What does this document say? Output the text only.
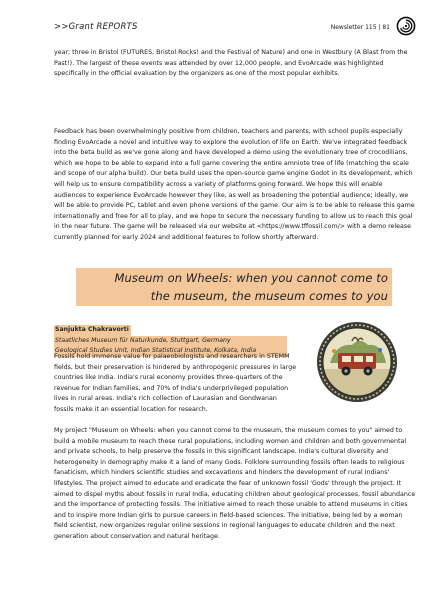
>>Grant REPORTS	Newsletter 115 | 81

year; three in Bristol (FUTURES, Bristol Rocks! and the Festival of Nature) and one in Westbury (A Blast from the Past!). The largest of these events was attended by over 12,000 people, and EvoArcade was highlighted specifically in the official evaluation by the organizers as one of the most popular exhibits.

Feedback has been overwhelmingly positive from children, teachers and parents, with school pupils especially finding EvoArcade a novel and intuitive way to explore the evolution of life on Earth. We've integrated feedback into the beta build as we've gone along and have developed a demo using the evolutionary tree of crocodilians, which we hope to be able to expand into a full game covering the entire amniote tree of life (matching the scale and scope of our alpha build). Our beta build uses the open-source game engine Godot in its development, which will help us to ensure compatibility across a variety of platforms going forward. We hope this will enable audiences to experience EvoArcade however they like, as well as broadening the potential audience; ideally, we will be able to provide PC, tablet and even phone versions of the game. Our aim is to be able to release this game internationally and free for all to play, and we hope to secure the necessary funding to allow us to reach this goal in the near future. The game will be released via our website at <https://www.tffossil.com/> with a demo release currently planned for early 2024 and additional features to follow shortly afterward.

Museum on Wheels: when you cannot come to
the museum, the museum comes to you
Sanjukta Chakravorti
Staatliches Museum für Naturkunde, Stuttgart, Germany
Geological Studies Unit, Indian Statistical Institute, Kolkata, India

Fossils hold immense value for palaeobiologists and researchers in STEMM fields, but their preservation is hindered by anthropogenic pressures in large countries like India. India's rural economy provides three-quarters of the revenue for Indian families, and 70% of India's underprivileged population lives in rural areas. India's rich collection of Laurasian and Gondwanan fossils make it an essential location for research.

My project "Museum on Wheels: when you cannot come to the museum, the museum comes to you" aimed to build a mobile museum to reach these rural populations, including women and children and both governmental and private schools, to help preserve the fossils in this significant landscape. India's cultural diversity and heterogeneity in demography make it a land of many Gods. Folklore surrounding fossils often leads to religious fanaticism, which hinders scientific studies and excavations and hinders the development of rural Indians' lifestyles. The project aimed to educate and eradicate the fear of unknown fossil 'Gods' through the project. It aimed to dispel myths about fossils in rural India, educating children about geological processes, fossil abundance and the importance of protecting fossils. The initiative aimed to reach those unable to attend museums in cities and to inspire more Indian girls to pursue careers in field-based sciences. The initiative, being led by a woman field scientist, now organizes regular online sessions in regional languages to educate children and the next generation about conservation and natural heritage.
